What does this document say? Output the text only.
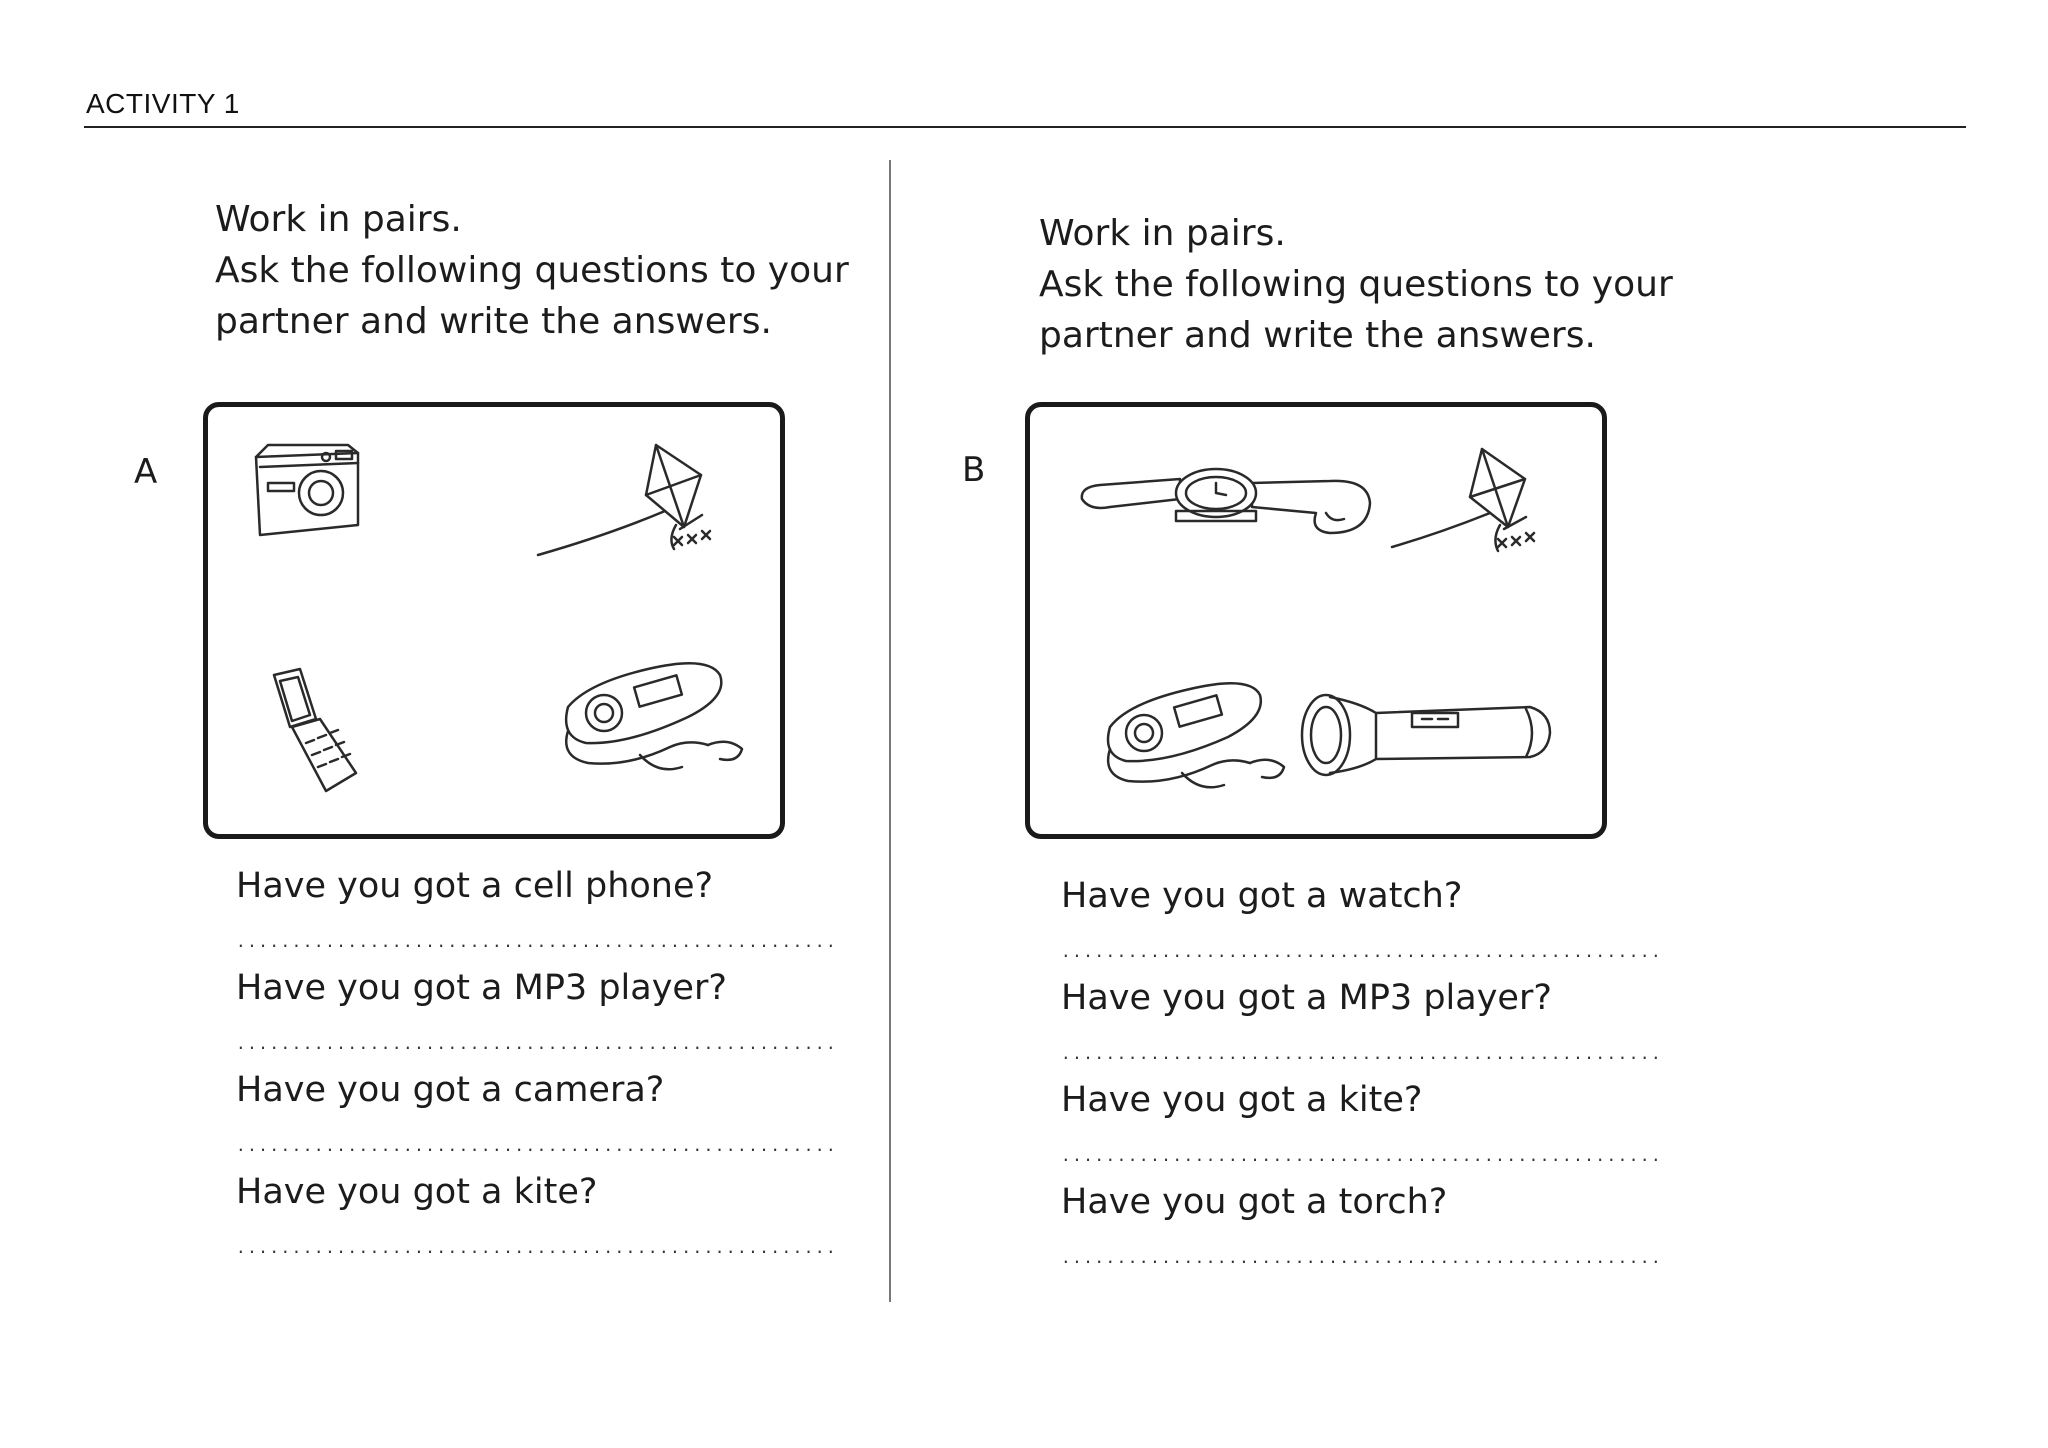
ACTIVITY 1
Work in pairs.
Ask the following questions to your
partner and write the answers.
A
Have you got a cell phone?
......................................................
Have you got a MP3 player?
......................................................
Have you got a camera?
......................................................
Have you got a kite?
......................................................
Work in pairs.
Ask the following questions to your
partner and write the answers.
B
Have you got a watch?
......................................................
Have you got a MP3 player?
......................................................
Have you got a kite?
......................................................
Have you got a torch?
......................................................
